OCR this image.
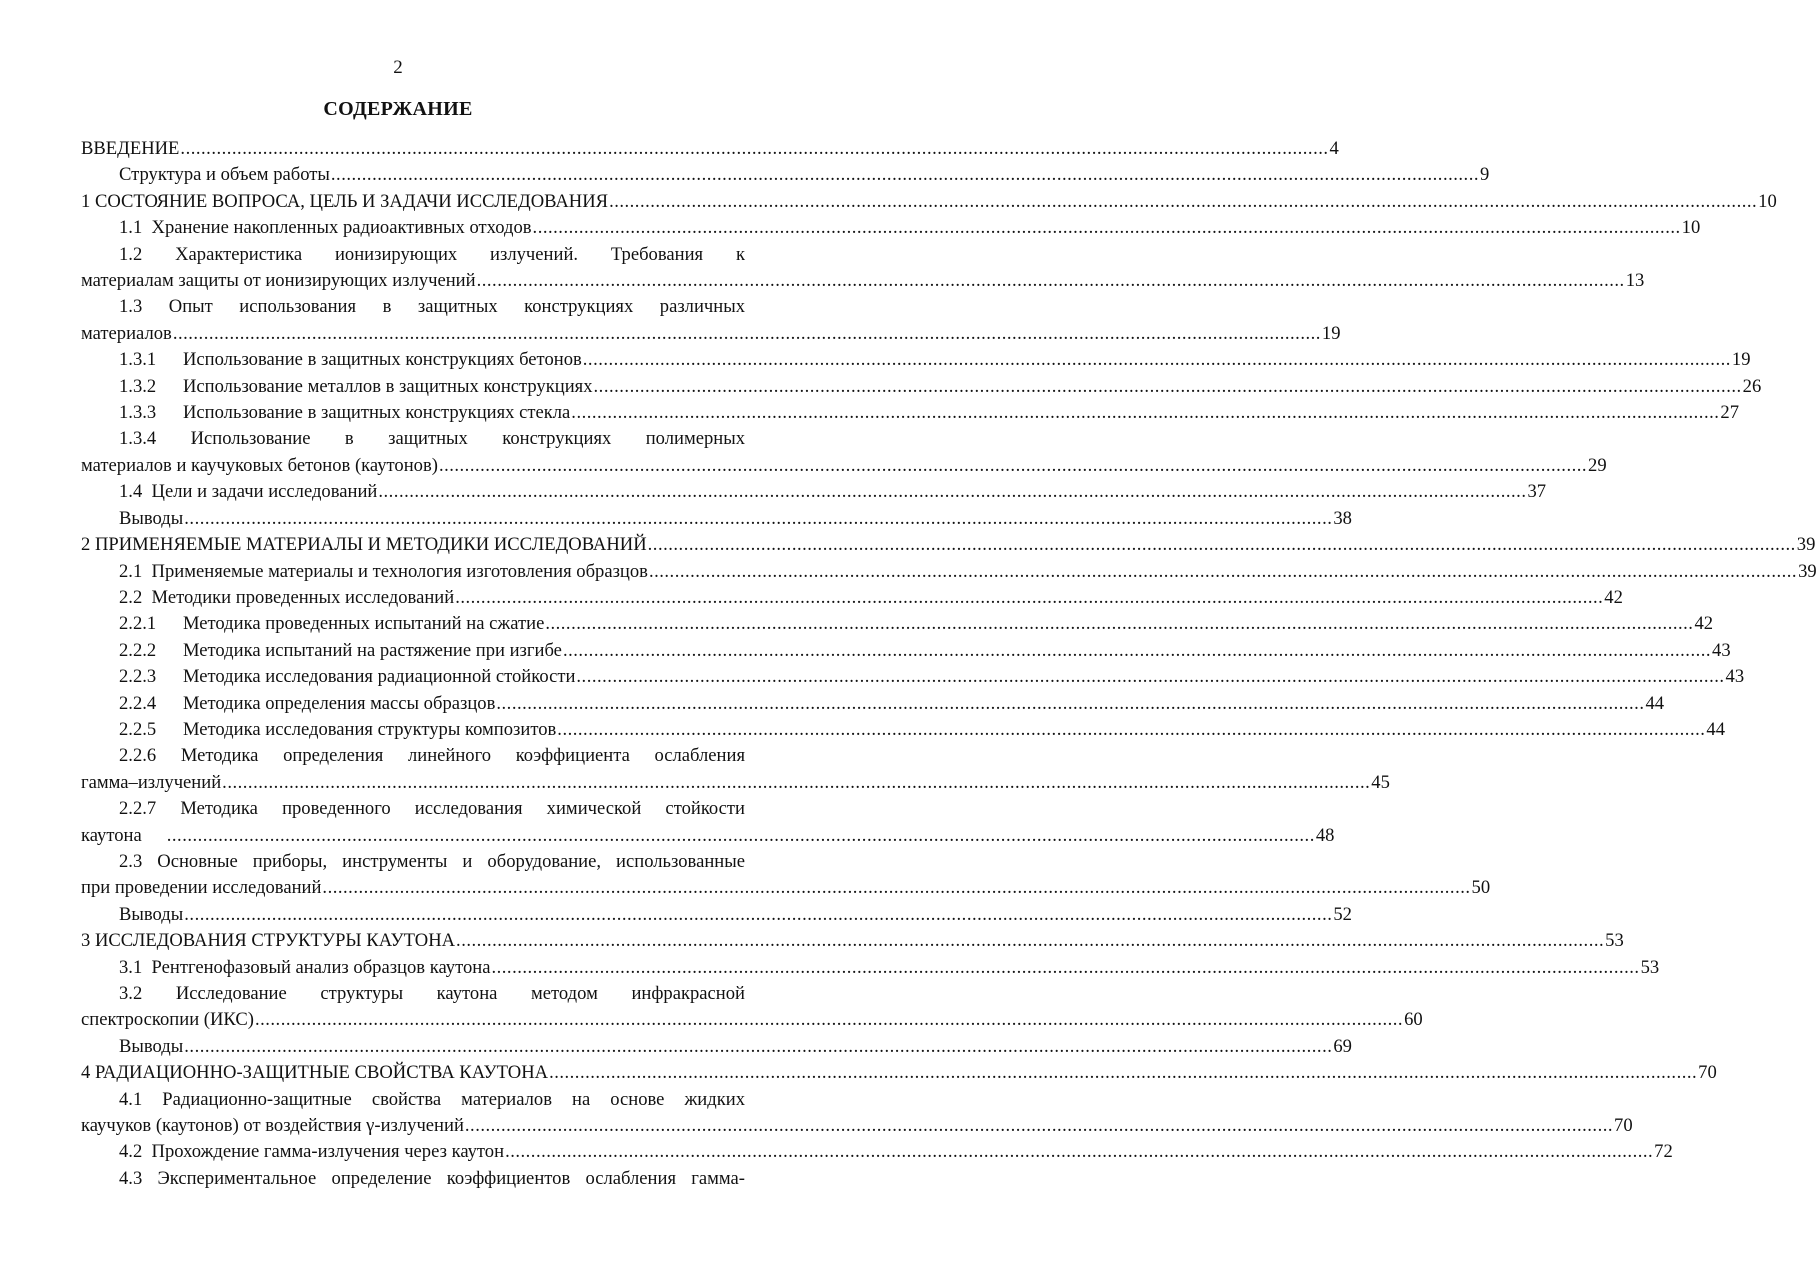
2
СОДЕРЖАНИЕ
ВВЕДЕНИЕ ............................................................................................................................................................................................................................... 4
Структура и объем работы ............................................................................................................................................................................................................................... 9
1 СОСТОЯНИЕ ВОПРОСА, ЦЕЛЬ И ЗАДАЧИ ИССЛЕДОВАНИЯ ............................................................................................................................................................................................................................... 10
1.1 Хранение накопленных радиоактивных отходов ............................................................................................................................................................................................................................... 10
1.2 Характеристика ионизирующих излучений. Требования к
материалам защиты от ионизирующих излучений ............................................................................................................................................................................................................................... 13
1.3 Опыт использования в защитных конструкциях различных
материалов ............................................................................................................................................................................................................................... 19
1.3.1 Использование в защитных конструкциях бетонов ............................................................................................................................................................................................................................... 19
1.3.2 Использование металлов в защитных конструкциях ............................................................................................................................................................................................................................... 26
1.3.3 Использование в защитных конструкциях стекла ............................................................................................................................................................................................................................... 27
1.3.4 Использование в защитных конструкциях полимерных
материалов и каучуковых бетонов (каутонов) ............................................................................................................................................................................................................................... 29
1.4 Цели и задачи исследований ............................................................................................................................................................................................................................... 37
Выводы ............................................................................................................................................................................................................................... 38
2 ПРИМЕНЯЕМЫЕ МАТЕРИАЛЫ И МЕТОДИКИ ИССЛЕДОВАНИЙ ............................................................................................................................................................................................................................... 39
2.1 Применяемые материалы и технология изготовления образцов ............................................................................................................................................................................................................................... 39
2.2 Методики проведенных исследований ............................................................................................................................................................................................................................... 42
2.2.1 Методика проведенных испытаний на сжатие ............................................................................................................................................................................................................................... 42
2.2.2 Методика испытаний на растяжение при изгибе ............................................................................................................................................................................................................................... 43
2.2.3 Методика исследования радиационной стойкости ............................................................................................................................................................................................................................... 43
2.2.4 Методика определения массы образцов ............................................................................................................................................................................................................................... 44
2.2.5 Методика исследования структуры композитов ............................................................................................................................................................................................................................... 44
2.2.6 Методика определения линейного коэффициента ослабления
гамма–излучений ............................................................................................................................................................................................................................... 45
2.2.7 Методика проведенного исследования химической стойкости
каутона ............................................................................................................................................................................................................................... 48
2.3 Основные приборы, инструменты и оборудование, использованные
при проведении исследований ............................................................................................................................................................................................................................... 50
Выводы ............................................................................................................................................................................................................................... 52
3 ИССЛЕДОВАНИЯ СТРУКТУРЫ КАУТОНА ............................................................................................................................................................................................................................... 53
3.1 Рентгенофазовый анализ образцов каутона ............................................................................................................................................................................................................................... 53
3.2 Исследование структуры каутона методом инфракрасной
спектроскопии (ИКС) ............................................................................................................................................................................................................................... 60
Выводы ............................................................................................................................................................................................................................... 69
4 РАДИАЦИОННО-ЗАЩИТНЫЕ СВОЙСТВА КАУТОНА ............................................................................................................................................................................................................................... 70
4.1 Радиационно-защитные свойства материалов на основе жидких
каучуков (каутонов) от воздействия γ-излучений ............................................................................................................................................................................................................................... 70
4.2 Прохождение гамма-излучения через каутон ............................................................................................................................................................................................................................... 72
4.3 Экспериментальное определение коэффициентов ослабления гамма-
